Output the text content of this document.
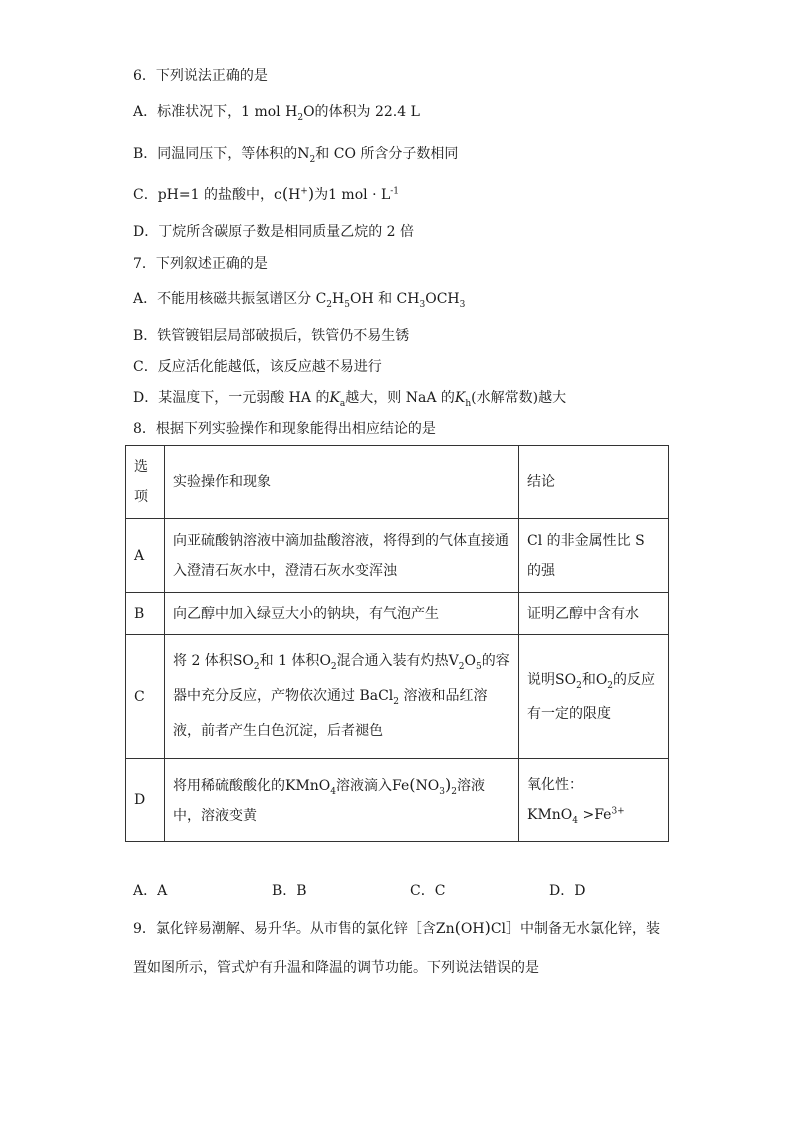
6．下列说法正确的是
A．标准状况下，1 mol $H_2O$的体积为 22.4 L
B．同温同压下，等体积的$N_2$和 CO 所含分子数相同
C．pH=1 的盐酸中，c(H+)为1 mol · $L^{-1}$
D．丁烷所含碳原子数是相同质量乙烷的 2 倍
7．下列叙述正确的是
A．不能用核磁共振氢谱区分 $C_2H_5OH$ 和 $CH_3OCH_3$
B．铁管镀铝层局部破损后，铁管仍不易生锈
C．反应活化能越低，该反应越不易进行
D．某温度下，一元弱酸 HA 的$K_a$越大，则 NaA 的$K_h$(水解常数)越大
8．根据下列实验操作和现象能得出相应结论的是
选项	实验操作和现象	结论
A	向亚硫酸钠溶液中滴加盐酸溶液，将得到的气体直接通入澄清石灰水中，澄清石灰水变浑浊	Cl 的非金属性比 S 的强
B	向乙醇中加入绿豆大小的钠块，有气泡产生	证明乙醇中含有水
C	将 2 体积$SO_2$和 1 体积$O_2$混合通入装有灼热$V_2O_5$的容器中充分反应，产物依次通过 BaCl$_2$ 溶液和品红溶液，前者产生白色沉淀，后者褪色	说明$SO_2$和$O_2$的反应有一定的限度
D	将用稀硫酸酸化的KMnO$_4$溶液滴入$Fe(NO_3)_2$溶液中，溶液变黄	氧化性：
KMnO$_4$ $>Fe^{3+}$
A．A	B．B	C．C	D．D
9．氯化锌易潮解、易升华。从市售的氯化锌［含Zn(OH)Cl］中制备无水氯化锌，装
置如图所示，管式炉有升温和降温的调节功能。下列说法错误的是
